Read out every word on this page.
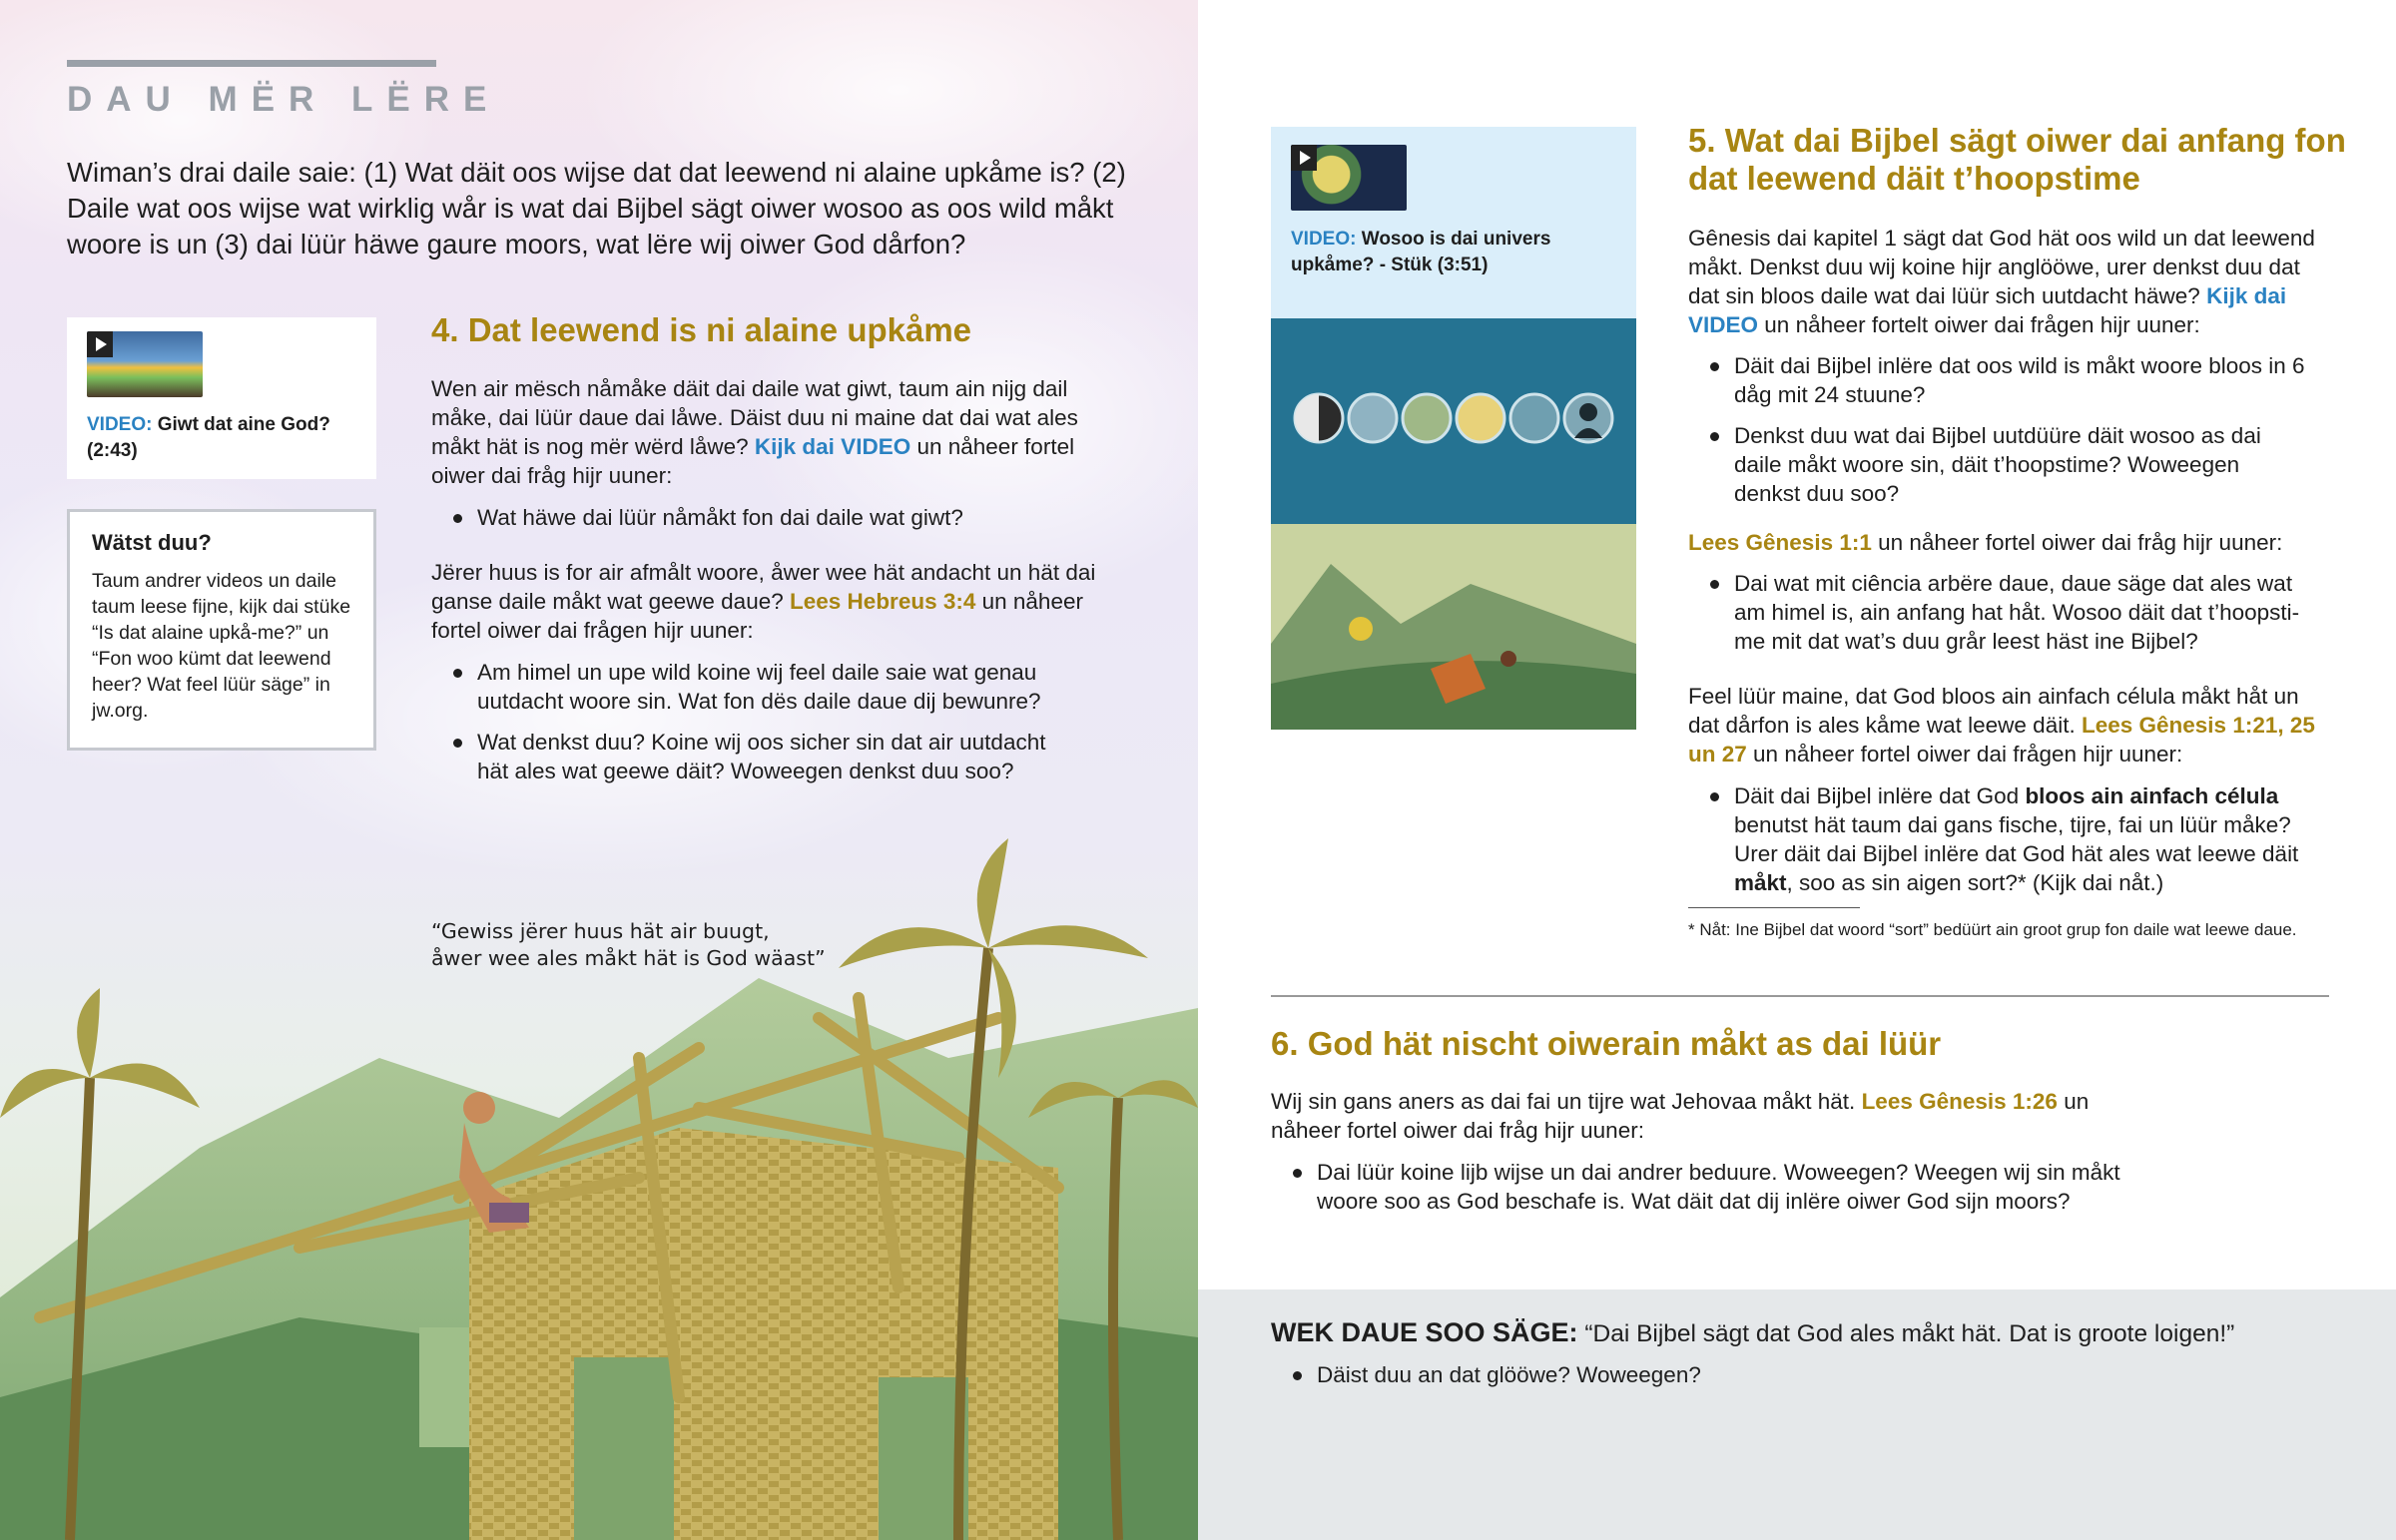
DAU MËR LËRE

Wiman’s drai daile saie: (1) Wat däit oos wijse dat dat leewend ni alaine upkåme is? (2) Daile wat oos wijse wat wirklig wår is wat dai Bijbel sägt oiwer wosoo as oos wild måkt woore is un (3) dai lüür häwe gaure moors, wat lëre wij oiwer God dårfon?

VIDEO: Giwt dat aine God?
(2:43)
Wätst duu?

Taum andrer videos un daile taum leese fijne, kijk dai stüke “Is dat alaine upkå-me?” un “Fon woo kümt dat leewend heer? Wat feel lüür säge” in jw.org.

4. Dat leewend is ni alaine upkåme

Wen air mësch nåmåke däit dai daile wat giwt, taum ain nijg dail måke, dai lüür daue dai låwe. Däist duu ni maine dat dai wat ales måkt hät is nog mër wërd låwe? Kijk dai VIDEO un nåheer fortel oiwer dai fråg hijr uuner:

Wat häwe dai lüür nåmåkt fon dai daile wat giwt?

Jërer huus is for air afmålt woore, åwer wee hät andacht un hät dai ganse daile måkt wat geewe daue? Lees Hebreus 3:4 un nåheer fortel oiwer dai frågen hijr uuner:

Am himel un upe wild koine wij feel daile saie wat genau uutdacht woore sin. Wat fon dës daile daue dij bewunre?
Wat denkst duu? Koine wij oos sicher sin dat air uutdacht hät ales wat geewe däit? Woweegen denkst duu soo?
“Gewiss jërer huus hät air buugt,
åwer wee ales måkt hät is God wäast”
VIDEO: Wosoo is dai univers upkåme? - Stük (3:51)
5. Wat dai Bijbel sägt oiwer dai anfang fon dat leewend däit t’hoopstime

Gênesis dai kapitel 1 sägt dat God hät oos wild un dat leewend måkt. Denkst duu wij koine hijr anglööwe, urer denkst duu dat dat sin bloos daile wat dai lüür sich uutdacht häwe? Kijk dai VIDEO un nåheer fortelt oiwer dai frågen hijr uuner:

Däit dai Bijbel inlëre dat oos wild is måkt woore bloos in 6 dåg mit 24 stuune?
Denkst duu wat dai Bijbel uutdüüre däit wosoo as dai daile måkt woore sin, däit t’hoopstime? Woweegen denkst duu soo?

Lees Gênesis 1:1 un nåheer fortel oiwer dai fråg hijr uuner:

Dai wat mit ciência arbëre daue, daue säge dat ales wat am himel is, ain anfang hat håt. Wosoo däit dat t’hoopsti-me mit dat wat’s duu grår leest häst ine Bijbel?

Feel lüür maine, dat God bloos ain ainfach célula måkt håt un dat dårfon is ales kåme wat leewe däit. Lees Gênesis 1:21, 25 un 27 un nåheer fortel oiwer dai frågen hijr uuner:

Däit dai Bijbel inlëre dat God bloos ain ainfach célula benutst hät taum dai gans fische, tijre, fai un lüür måke? Urer däit dai Bijbel inlëre dat God hät ales wat leewe däit måkt, soo as sin aigen sort?* (Kijk dai nåt.)

* Nåt: Ine Bijbel dat woord “sort” bedüürt ain groot grup fon daile wat leewe daue.

6. God hät nischt oiwerain måkt as dai lüür

Wij sin gans aners as dai fai un tijre wat Jehovaa måkt hät. Lees Gênesis 1:26 un nåheer fortel oiwer dai fråg hijr uuner:

Dai lüür koine lijb wijse un dai andrer beduure. Woweegen? Weegen wij sin måkt woore soo as God beschafe is. Wat däit dat dij inlëre oiwer God sijn moors?
WEK DAUE SOO SÄGE: “Dai Bijbel sägt dat God ales måkt hät. Dat is groote loigen!”
Däist duu an dat glööwe? Woweegen?
